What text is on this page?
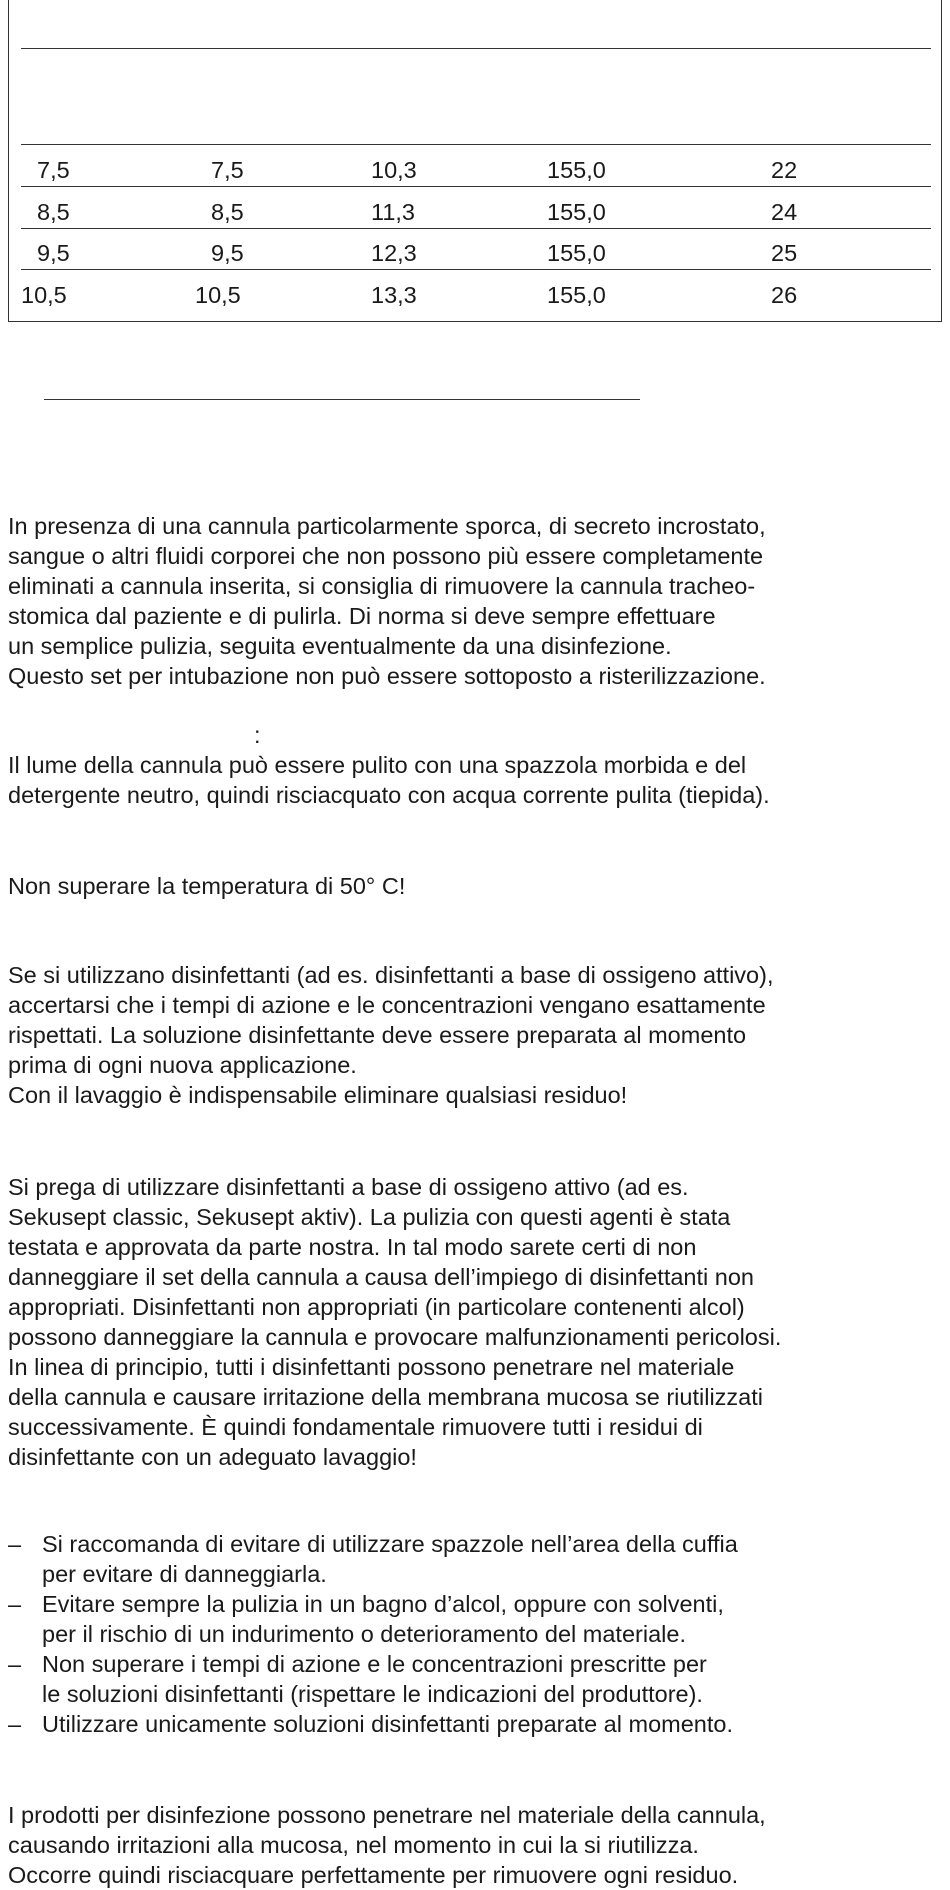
7,5	7,5	10,3	155,0	22
8,5	8,5	11,3	155,0	24
9,5	9,5	12,3	155,0	25
10,5	10,5	13,3	155,0	26

In presenza di una cannula particolarmente sporca, di secreto incrostato,
sangue o altri fluidi corporei che non possono più essere completamente
eliminati a cannula inserita, si consiglia di rimuovere la cannula tracheo-
stomica dal paziente e di pulirla. Di norma si deve sempre effettuare
un semplice pulizia, seguita eventualmente da una disinfezione.
Questo set per intubazione non può essere sottoposto a risterilizzazione.

:

Il lume della cannula può essere pulito con una spazzola morbida e del
detergente neutro, quindi risciacquato con acqua corrente pulita (tiepida).

Non superare la temperatura di 50° C!

Se si utilizzano disinfettanti (ad es. disinfettanti a base di ossigeno attivo),
accertarsi che i tempi di azione e le concentrazioni vengano esattamente
rispettati. La soluzione disinfettante deve essere preparata al momento
prima di ogni nuova applicazione.
Con il lavaggio è indispensabile eliminare qualsiasi residuo!

Si prega di utilizzare disinfettanti a base di ossigeno attivo (ad es.
Sekusept classic, Sekusept aktiv). La pulizia con questi agenti è stata
testata e approvata da parte nostra. In tal modo sarete certi di non
danneggiare il set della cannula a causa dell’impiego di disinfettanti non
appropriati. Disinfettanti non appropriati (in particolare contenenti alcol)
possono danneggiare la cannula e provocare malfunzionamenti pericolosi.
In linea di principio, tutti i disinfettanti possono penetrare nel materiale
della cannula e causare irritazione della membrana mucosa se riutilizzati
successivamente. È quindi fondamentale rimuovere tutti i residui di
disinfettante con un adeguato lavaggio!

– Si raccomanda di evitare di utilizzare spazzole nell’area della cuffia
per evitare di danneggiarla.
– Evitare sempre la pulizia in un bagno d’alcol, oppure con solventi,
per il rischio di un indurimento o deterioramento del materiale.
– Non superare i tempi di azione e le concentrazioni prescritte per
le soluzioni disinfettanti (rispettare le indicazioni del produttore).
– Utilizzare unicamente soluzioni disinfettanti preparate al momento.

I prodotti per disinfezione possono penetrare nel materiale della cannula,
causando irritazioni alla mucosa, nel momento in cui la si riutilizza.
Occorre quindi risciacquare perfettamente per rimuovere ogni residuo.
